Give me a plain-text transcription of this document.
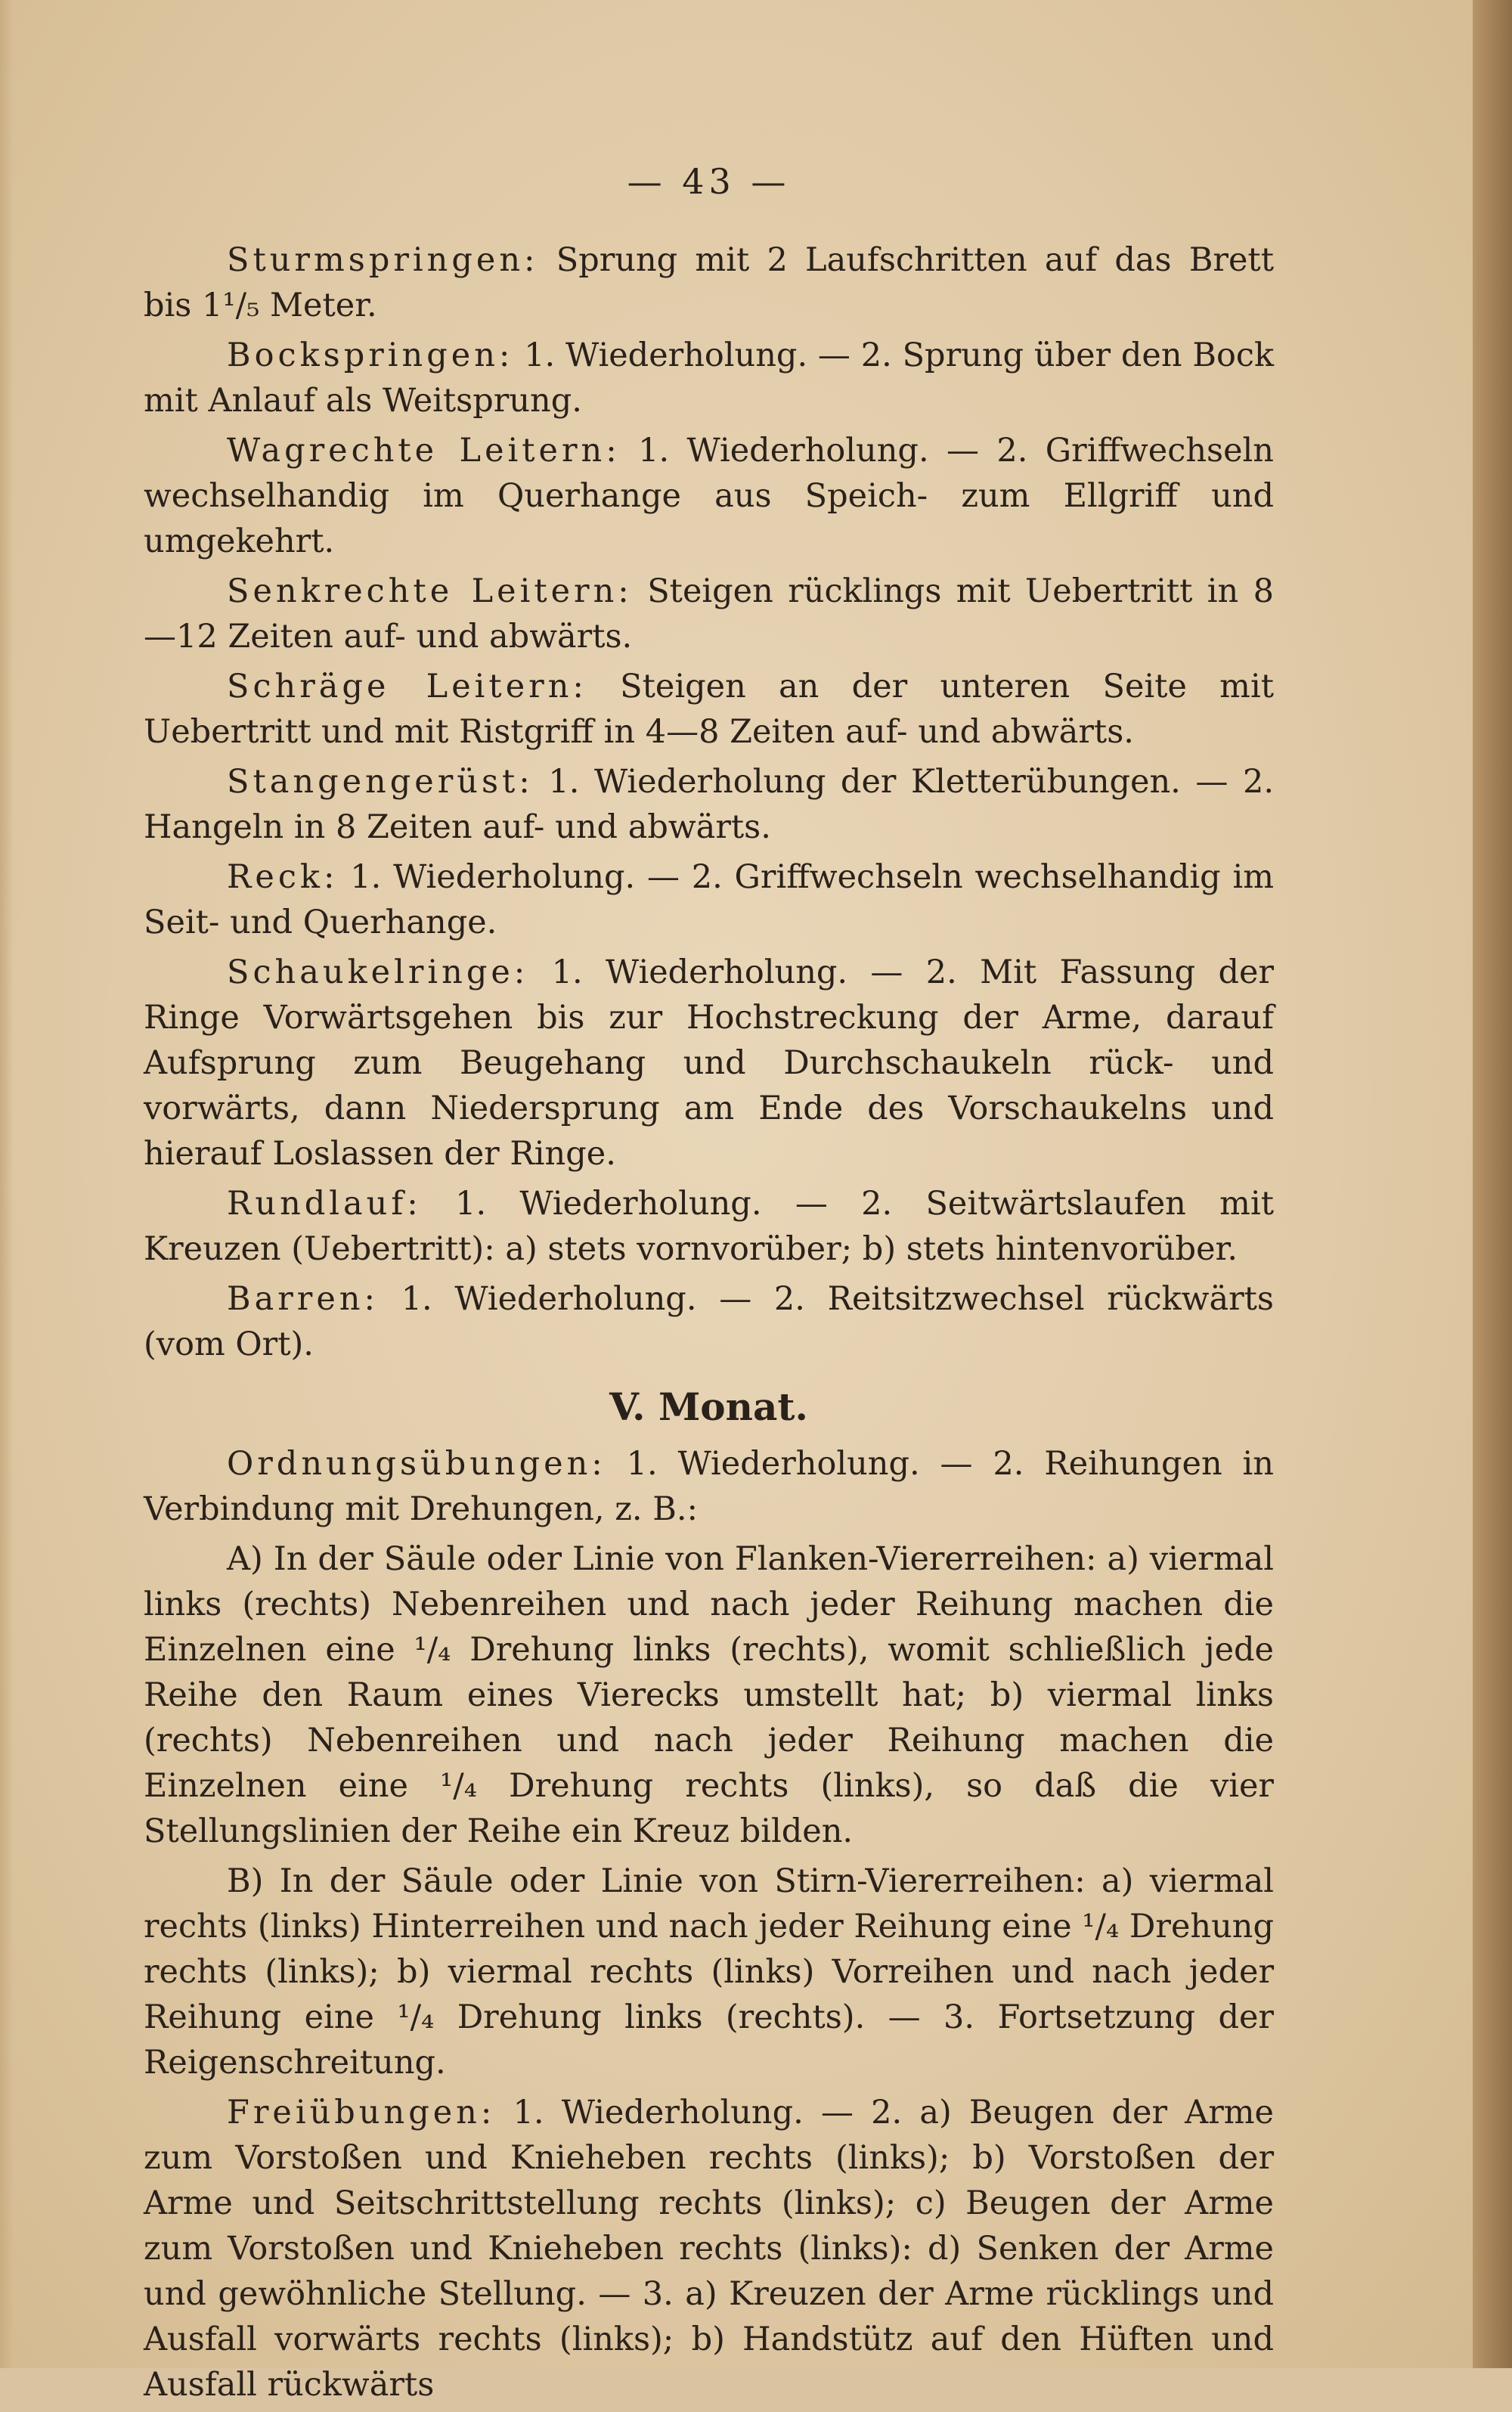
— 43 —

Sturmspringen: Sprung mit 2 Laufschritten auf das Brett bis 1¹/₅ Meter.

Bockspringen: 1. Wiederholung. — 2. Sprung über den Bock mit Anlauf als Weitsprung.

Wagrechte Leitern: 1. Wiederholung. — 2. Griffwechseln wechselhandig im Querhange aus Speich- zum Ellgriff und umgekehrt.

Senkrechte Leitern: Steigen rücklings mit Uebertritt in 8—12 Zeiten auf- und abwärts.

Schräge Leitern: Steigen an der unteren Seite mit Uebertritt und mit Ristgriff in 4—8 Zeiten auf- und abwärts.

Stangengerüst: 1. Wiederholung der Kletterübungen. — 2. Hangeln in 8 Zeiten auf- und abwärts.

Reck: 1. Wiederholung. — 2. Griffwechseln wechselhandig im Seit- und Querhange.

Schaukelringe: 1. Wiederholung. — 2. Mit Fassung der Ringe Vorwärtsgehen bis zur Hochstreckung der Arme, darauf Aufsprung zum Beugehang und Durchschaukeln rück- und vorwärts, dann Niedersprung am Ende des Vorschaukelns und hierauf Loslassen der Ringe.

Rundlauf: 1. Wiederholung. — 2. Seitwärtslaufen mit Kreuzen (Uebertritt): a) stets vornvorüber; b) stets hintenvorüber.

Barren: 1. Wiederholung. — 2. Reitsitzwechsel rückwärts (vom Ort).

V. Monat.

Ordnungsübungen: 1. Wiederholung. — 2. Reihungen in Verbindung mit Drehungen, z. B.:

A) In der Säule oder Linie von Flanken-Viererreihen: a) viermal links (rechts) Nebenreihen und nach jeder Reihung machen die Einzelnen eine ¹/₄ Drehung links (rechts), womit schließlich jede Reihe den Raum eines Vierecks umstellt hat; b) viermal links (rechts) Nebenreihen und nach jeder Reihung machen die Einzelnen eine ¹/₄ Drehung rechts (links), so daß die vier Stellungslinien der Reihe ein Kreuz bilden.

B) In der Säule oder Linie von Stirn-Viererreihen: a) viermal rechts (links) Hinterreihen und nach jeder Reihung eine ¹/₄ Drehung rechts (links); b) viermal rechts (links) Vorreihen und nach jeder Reihung eine ¹/₄ Drehung links (rechts). — 3. Fortsetzung der Reigenschreitung.

Freiübungen: 1. Wiederholung. — 2. a) Beugen der Arme zum Vorstoßen und Knieheben rechts (links); b) Vorstoßen der Arme und Seitschrittstellung rechts (links); c) Beugen der Arme zum Vorstoßen und Knieheben rechts (links): d) Senken der Arme und gewöhnliche Stellung. — 3. a) Kreuzen der Arme rücklings und Ausfall vorwärts rechts (links); b) Handstütz auf den Hüften und Ausfall rückwärts
